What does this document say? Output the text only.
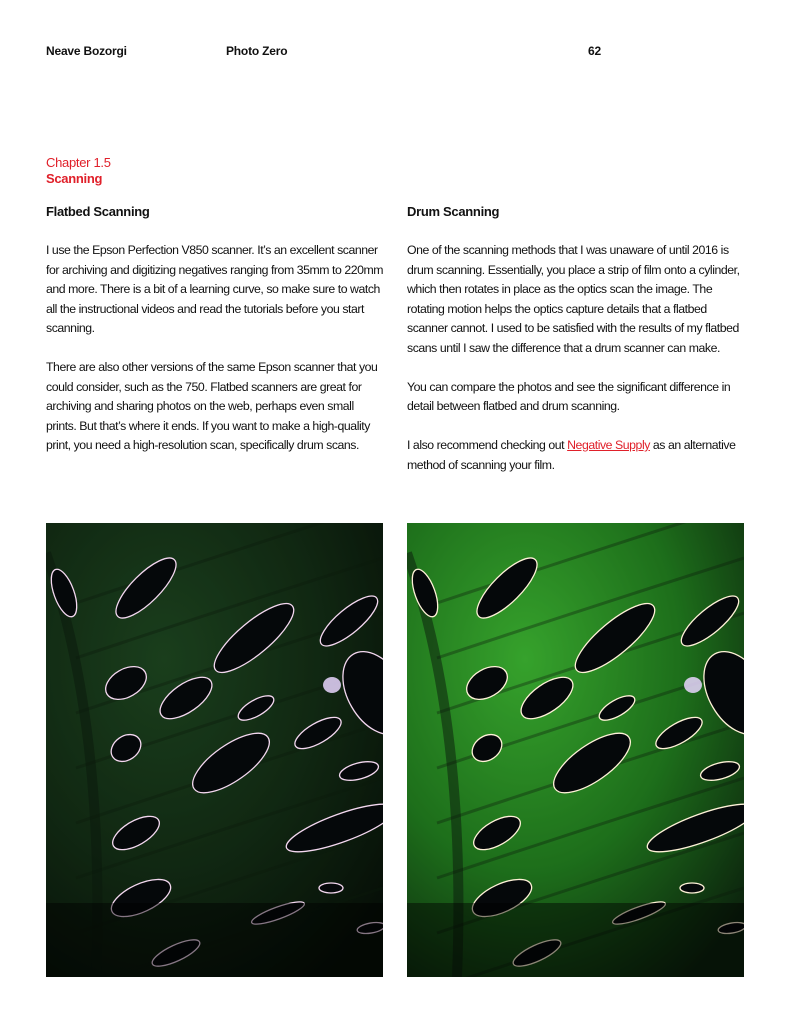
Neave Bozorgi	Photo Zero	62
Chapter 1.5
Scanning
Flatbed Scanning

I use the Epson Perfection V850 scanner. It’s an excellent scanner for archiving and digitizing negatives ranging from 35mm to 220mm and more. There is a bit of a learning curve, so make sure to watch all the instructional videos and read the tutorials before you start scanning.

There are also other versions of the same Epson scanner that you could consider, such as the 750. Flatbed scanners are great for archiving and sharing photos on the web, perhaps even small prints. But that’s where it ends. If you want to make a high-quality print, you need a high-resolution scan, specifically drum scans.

Drum Scanning

One of the scanning methods that I was unaware of until 2016 is drum scanning. Essentially, you place a strip of film onto a cylinder, which then rotates in place as the optics scan the image. The rotating motion helps the optics capture details that a flatbed scanner cannot. I used to be satisfied with the results of my flatbed scans until I saw the difference that a drum scanner can make.

You can compare the photos and see the significant difference in detail between flatbed and drum scanning.

I also recommend checking out Negative Supply as an alternative method of scanning your film.
